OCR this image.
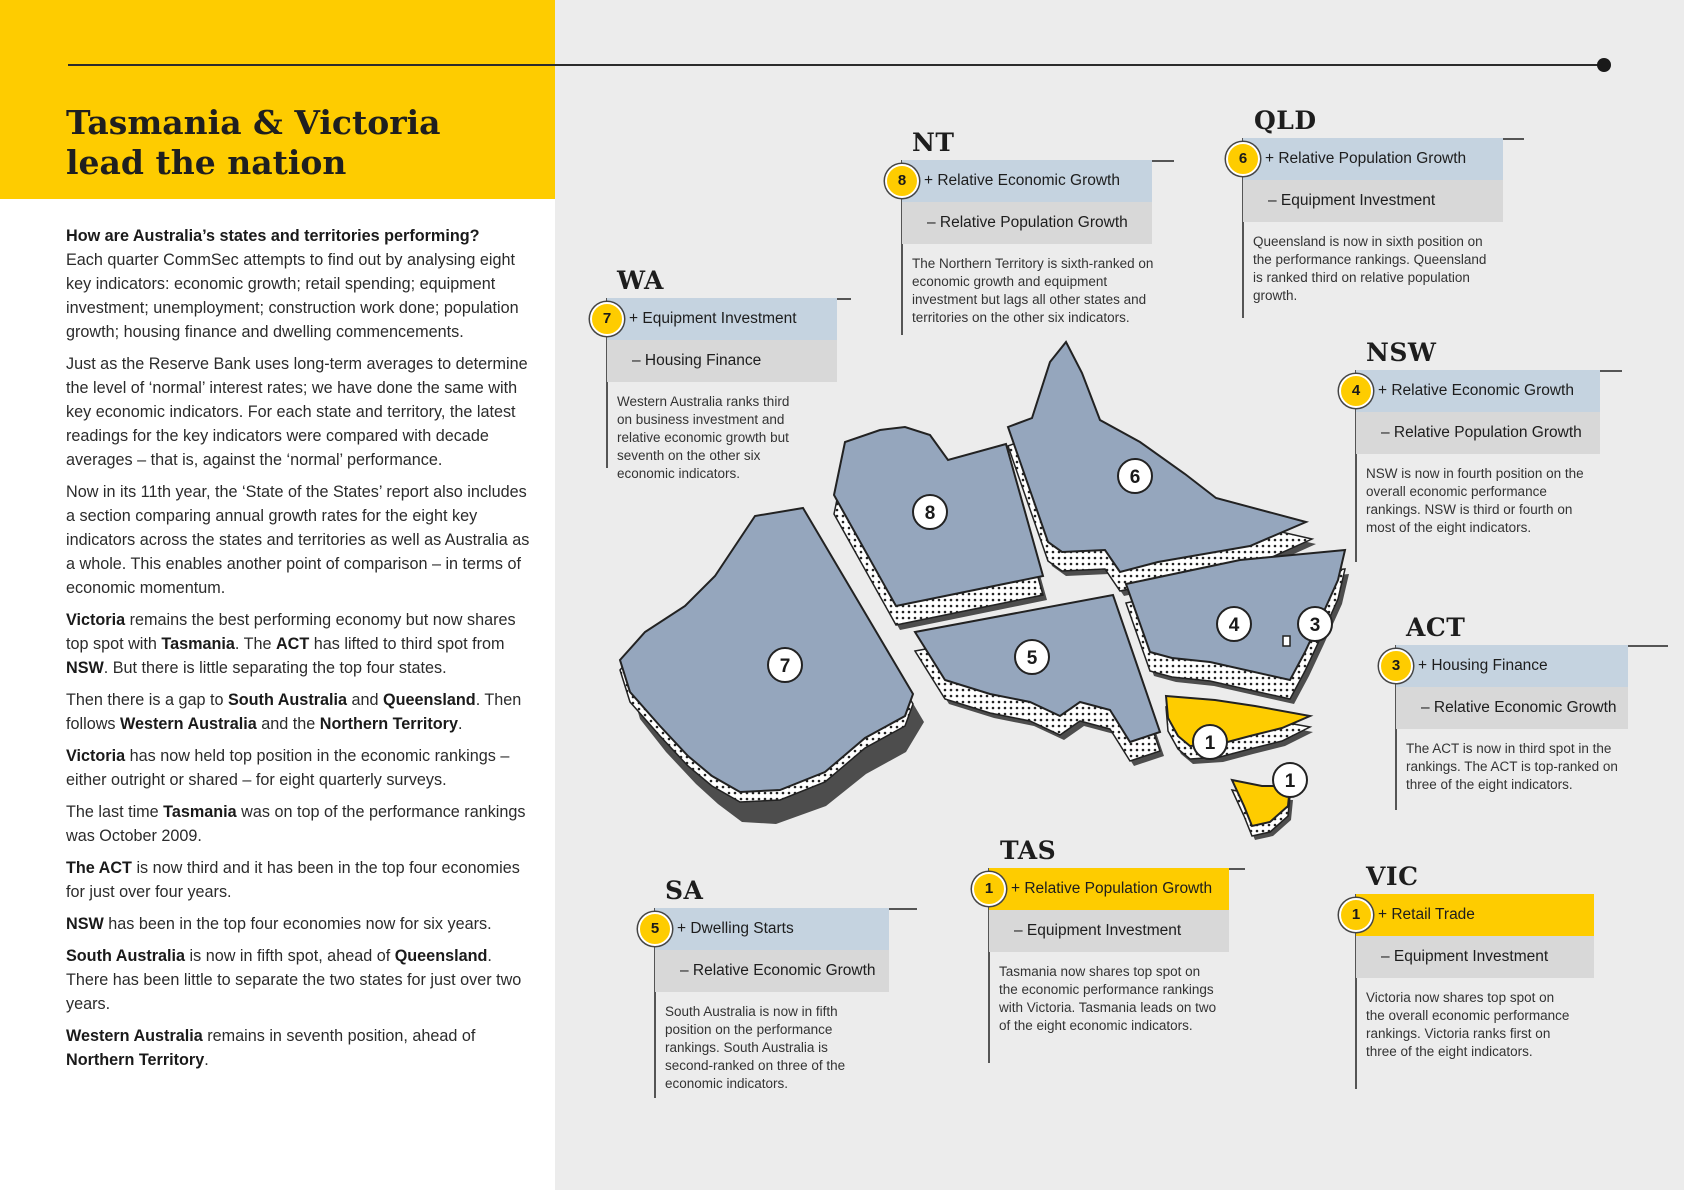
Tasmania & Victoria
lead the nation

How are Australia’s states and territories performing?
Each quarter CommSec attempts to find out by analysing eight key indicators: economic growth; retail spending; equipment investment; unemployment; construction work done; population growth; housing finance and dwelling commencements.

Just as the Reserve Bank uses long-term averages to determine the level of ‘normal’ interest rates; we have done the same with key economic indicators. For each state and territory, the latest readings for the key indicators were compared with decade averages – that is, against the ‘normal’ performance.

Now in its 11th year, the ‘State of the States’ report also includes a section comparing annual growth rates for the eight key indicators across the states and territories as well as Australia as a whole. This enables another point of comparison – in terms of economic momentum.

Victoria remains the best performing economy but now shares top spot with Tasmania. The ACT has lifted to third spot from NSW. But there is little separating the top four states.

Then there is a gap to South Australia and Queensland. Then follows Western Australia and the Northern Territory.

Victoria has now held top position in the economic rankings – either outright or shared – for eight quarterly surveys.

The last time Tasmania was on top of the performance rankings was October 2009.

The ACT is now third and it has been in the top four economies for just over four years.

NSW has been in the top four economies now for six years.

South Australia is now in fifth spot, ahead of Queensland. There has been little to separate the two states for just over two years.

Western Australia remains in seventh position, ahead of Northern Territory.

7
8
6
5
4	3
1
1
WA
+ Equipment Investment
– Housing Finance
7
Western Australia ranks third on business investment and relative economic growth but seventh on the other six economic indicators.
NT
+ Relative Economic Growth
– Relative Population Growth
8
The Northern Territory is sixth-ranked on economic growth and equipment investment but lags all other states and territories on the other six indicators.
QLD
+ Relative Population Growth
– Equipment Investment
6
Queensland is now in sixth position on the performance rankings. Queensland is ranked third on relative population growth.
NSW
+ Relative Economic Growth
– Relative Population Growth
4
NSW is now in fourth position on the overall economic performance rankings. NSW is third or fourth on most of the eight indicators.
ACT
+ Housing Finance
– Relative Economic Growth
3
The ACT is now in third spot in the rankings. The ACT is top-ranked on three of the eight indicators.
SA
+ Dwelling Starts
– Relative Economic Growth
5
South Australia is now in fifth position on the performance rankings. South Australia is second-ranked on three of the economic indicators.
TAS
+ Relative Population Growth
– Equipment Investment
1
Tasmania now shares top spot on the economic performance rankings with Victoria. Tasmania leads on two of the eight economic indicators.
VIC
+ Retail Trade
– Equipment Investment
1
Victoria now shares top spot on the overall economic performance rankings. Victoria ranks first on three of the eight indicators.
